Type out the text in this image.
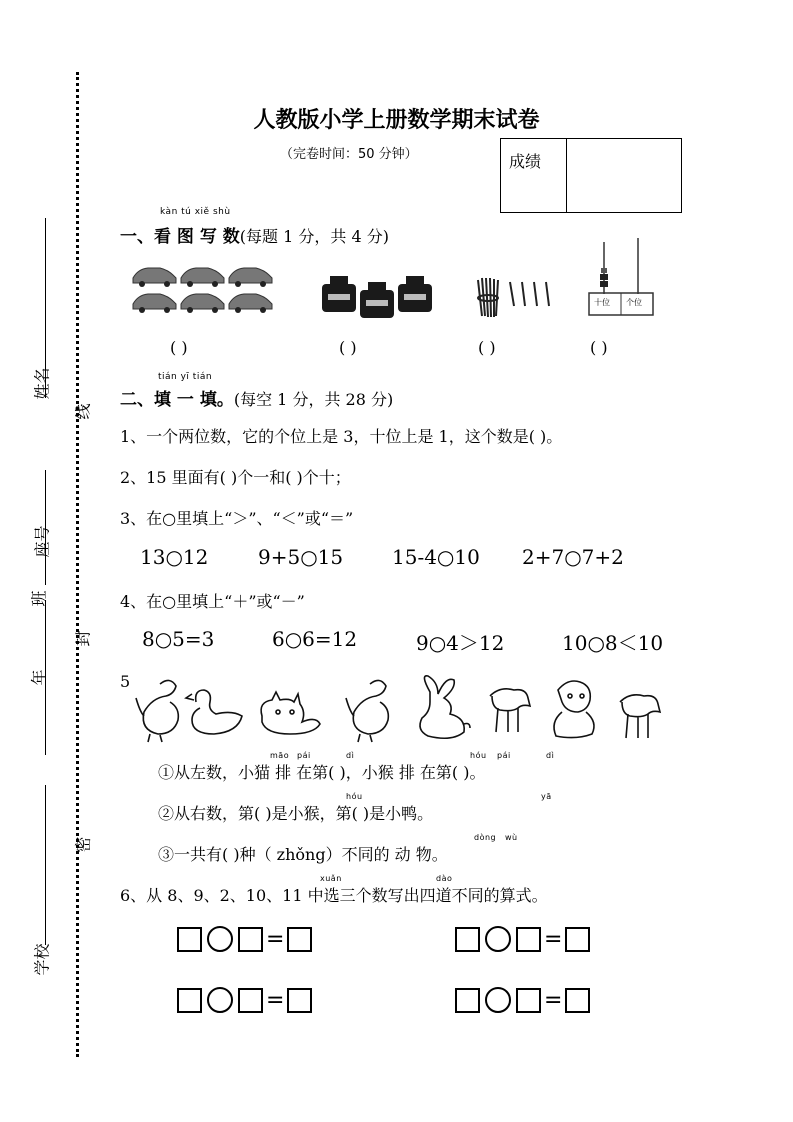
姓名
座号
班
年
学校
线
封
密
人教版小学上册数学期末试卷
（完卷时间：50 分钟）	成绩
kàn tú xiě shù
一、看 图 写 数(每题 1 分，共 4 分)
十位 个位
( )	( )	( )	( )
tián yī tián
二、填 一 填。(每空 1 分，共 28 分)
1、一个两位数，它的个位上是 3，十位上是 1，这个数是( )。
2、15 里面有( )个一和( )个十；
3、在○里填上“＞”、“＜”或“＝”
13○12 9+5○15 15-4○10 2+7○7+2
4、在○里填上“＋”或“－”
8○5=3	6○6=12	9○4＞12	10○8＜10
5
māo pái	dì	hóu pái	dì
①从左数，小猫 排 在第( )，小猴 排 在第( )。
hóu	yā
②从右数，第( )是小猴，第( )是小鸭。
dòng wù
③一共有( )种（ zhǒng）不同的 动 物。
xuǎn	dào
6、从 8、9、2、10、11 中选三个数写出四道不同的算式。
=	=
=	=
